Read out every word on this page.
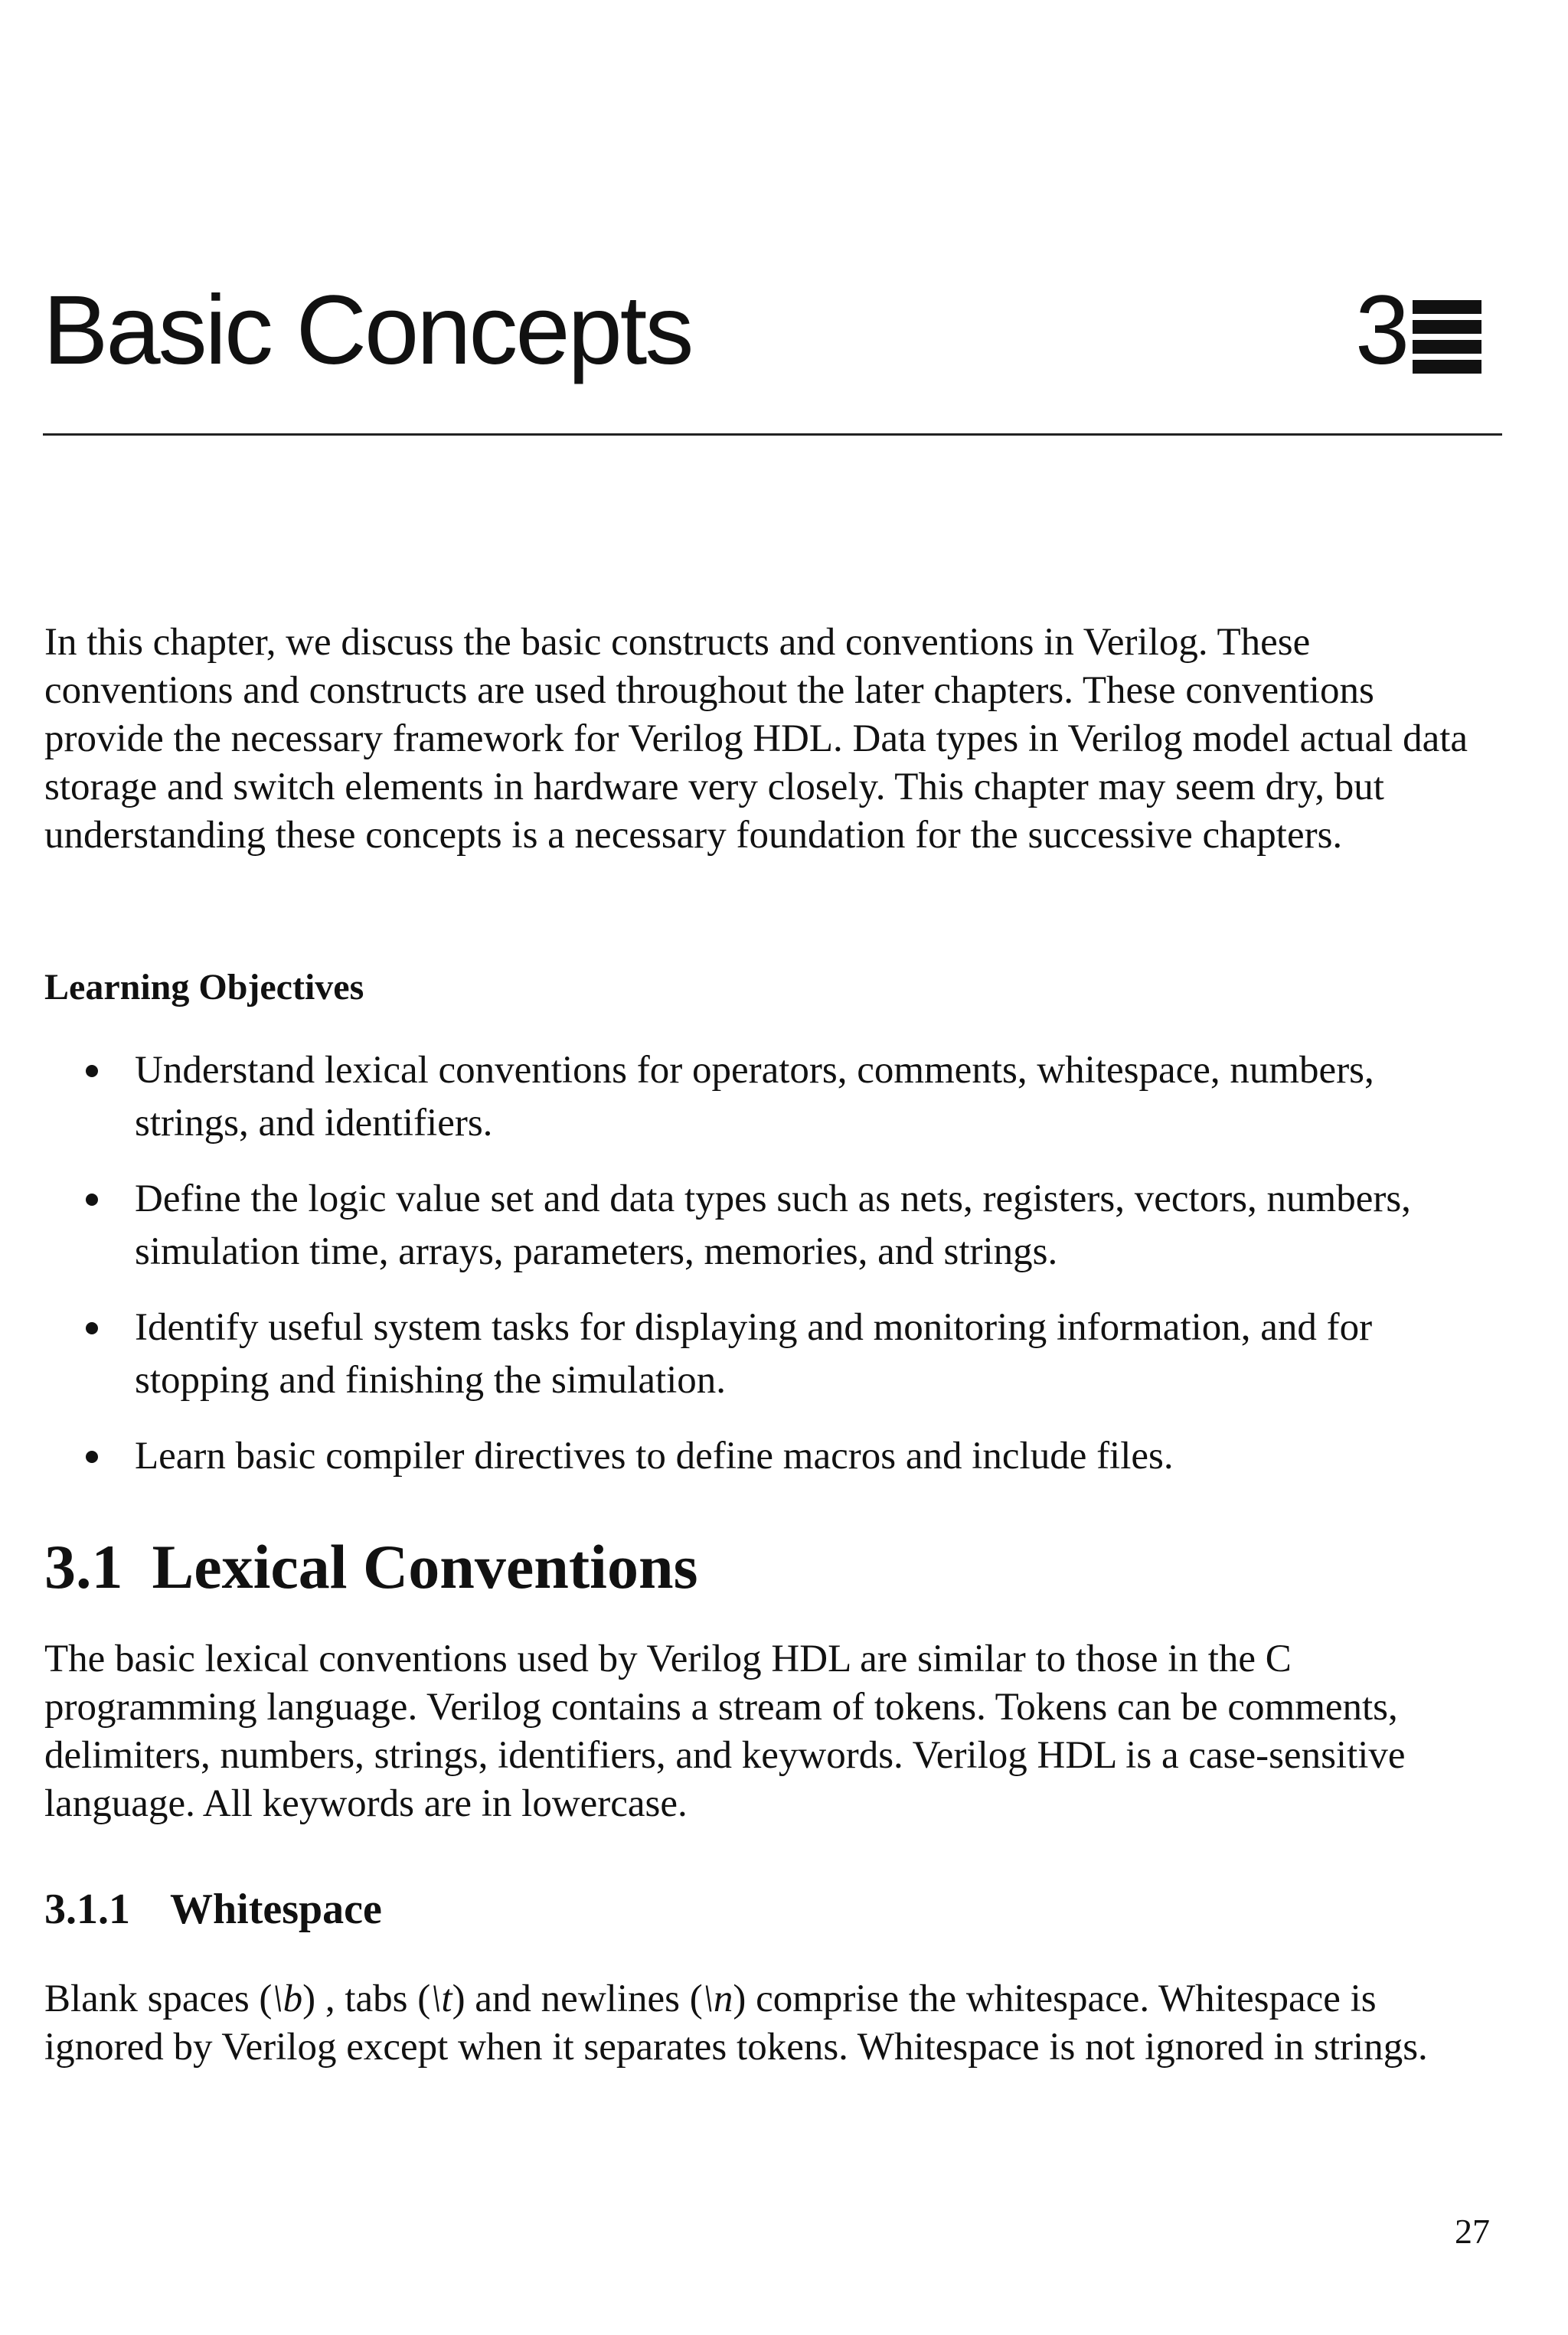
Basic Concepts	3

In this chapter, we discuss the basic constructs and conventions in Verilog. These conventions and constructs are used throughout the later chapters. These conventions provide the necessary framework for Verilog HDL. Data types in Verilog model actual data storage and switch elements in hardware very closely. This chapter may seem dry, but understanding these concepts is a necessary foundation for the successive chapters.

Learning Objectives
Understand lexical conventions for operators, comments, whitespace, numbers, strings, and identifiers.
Define the logic value set and data types such as nets, registers, vectors, numbers, simulation time, arrays, parameters, memories, and strings.
Identify useful system tasks for displaying and monitoring information, and for stopping and finishing the simulation.
Learn basic compiler directives to define macros and include files.
3.1 Lexical Conventions

The basic lexical conventions used by Verilog HDL are similar to those in the C programming language. Verilog contains a stream of tokens. Tokens can be comments, delimiters, numbers, strings, identifiers, and keywords. Verilog HDL is a case-sensitive language. All keywords are in lowercase.

3.1.1 Whitespace

Blank spaces (\b) , tabs (\t) and newlines (\n) comprise the whitespace. Whitespace is ignored by Verilog except when it separates tokens. Whitespace is not ignored in strings.

27
